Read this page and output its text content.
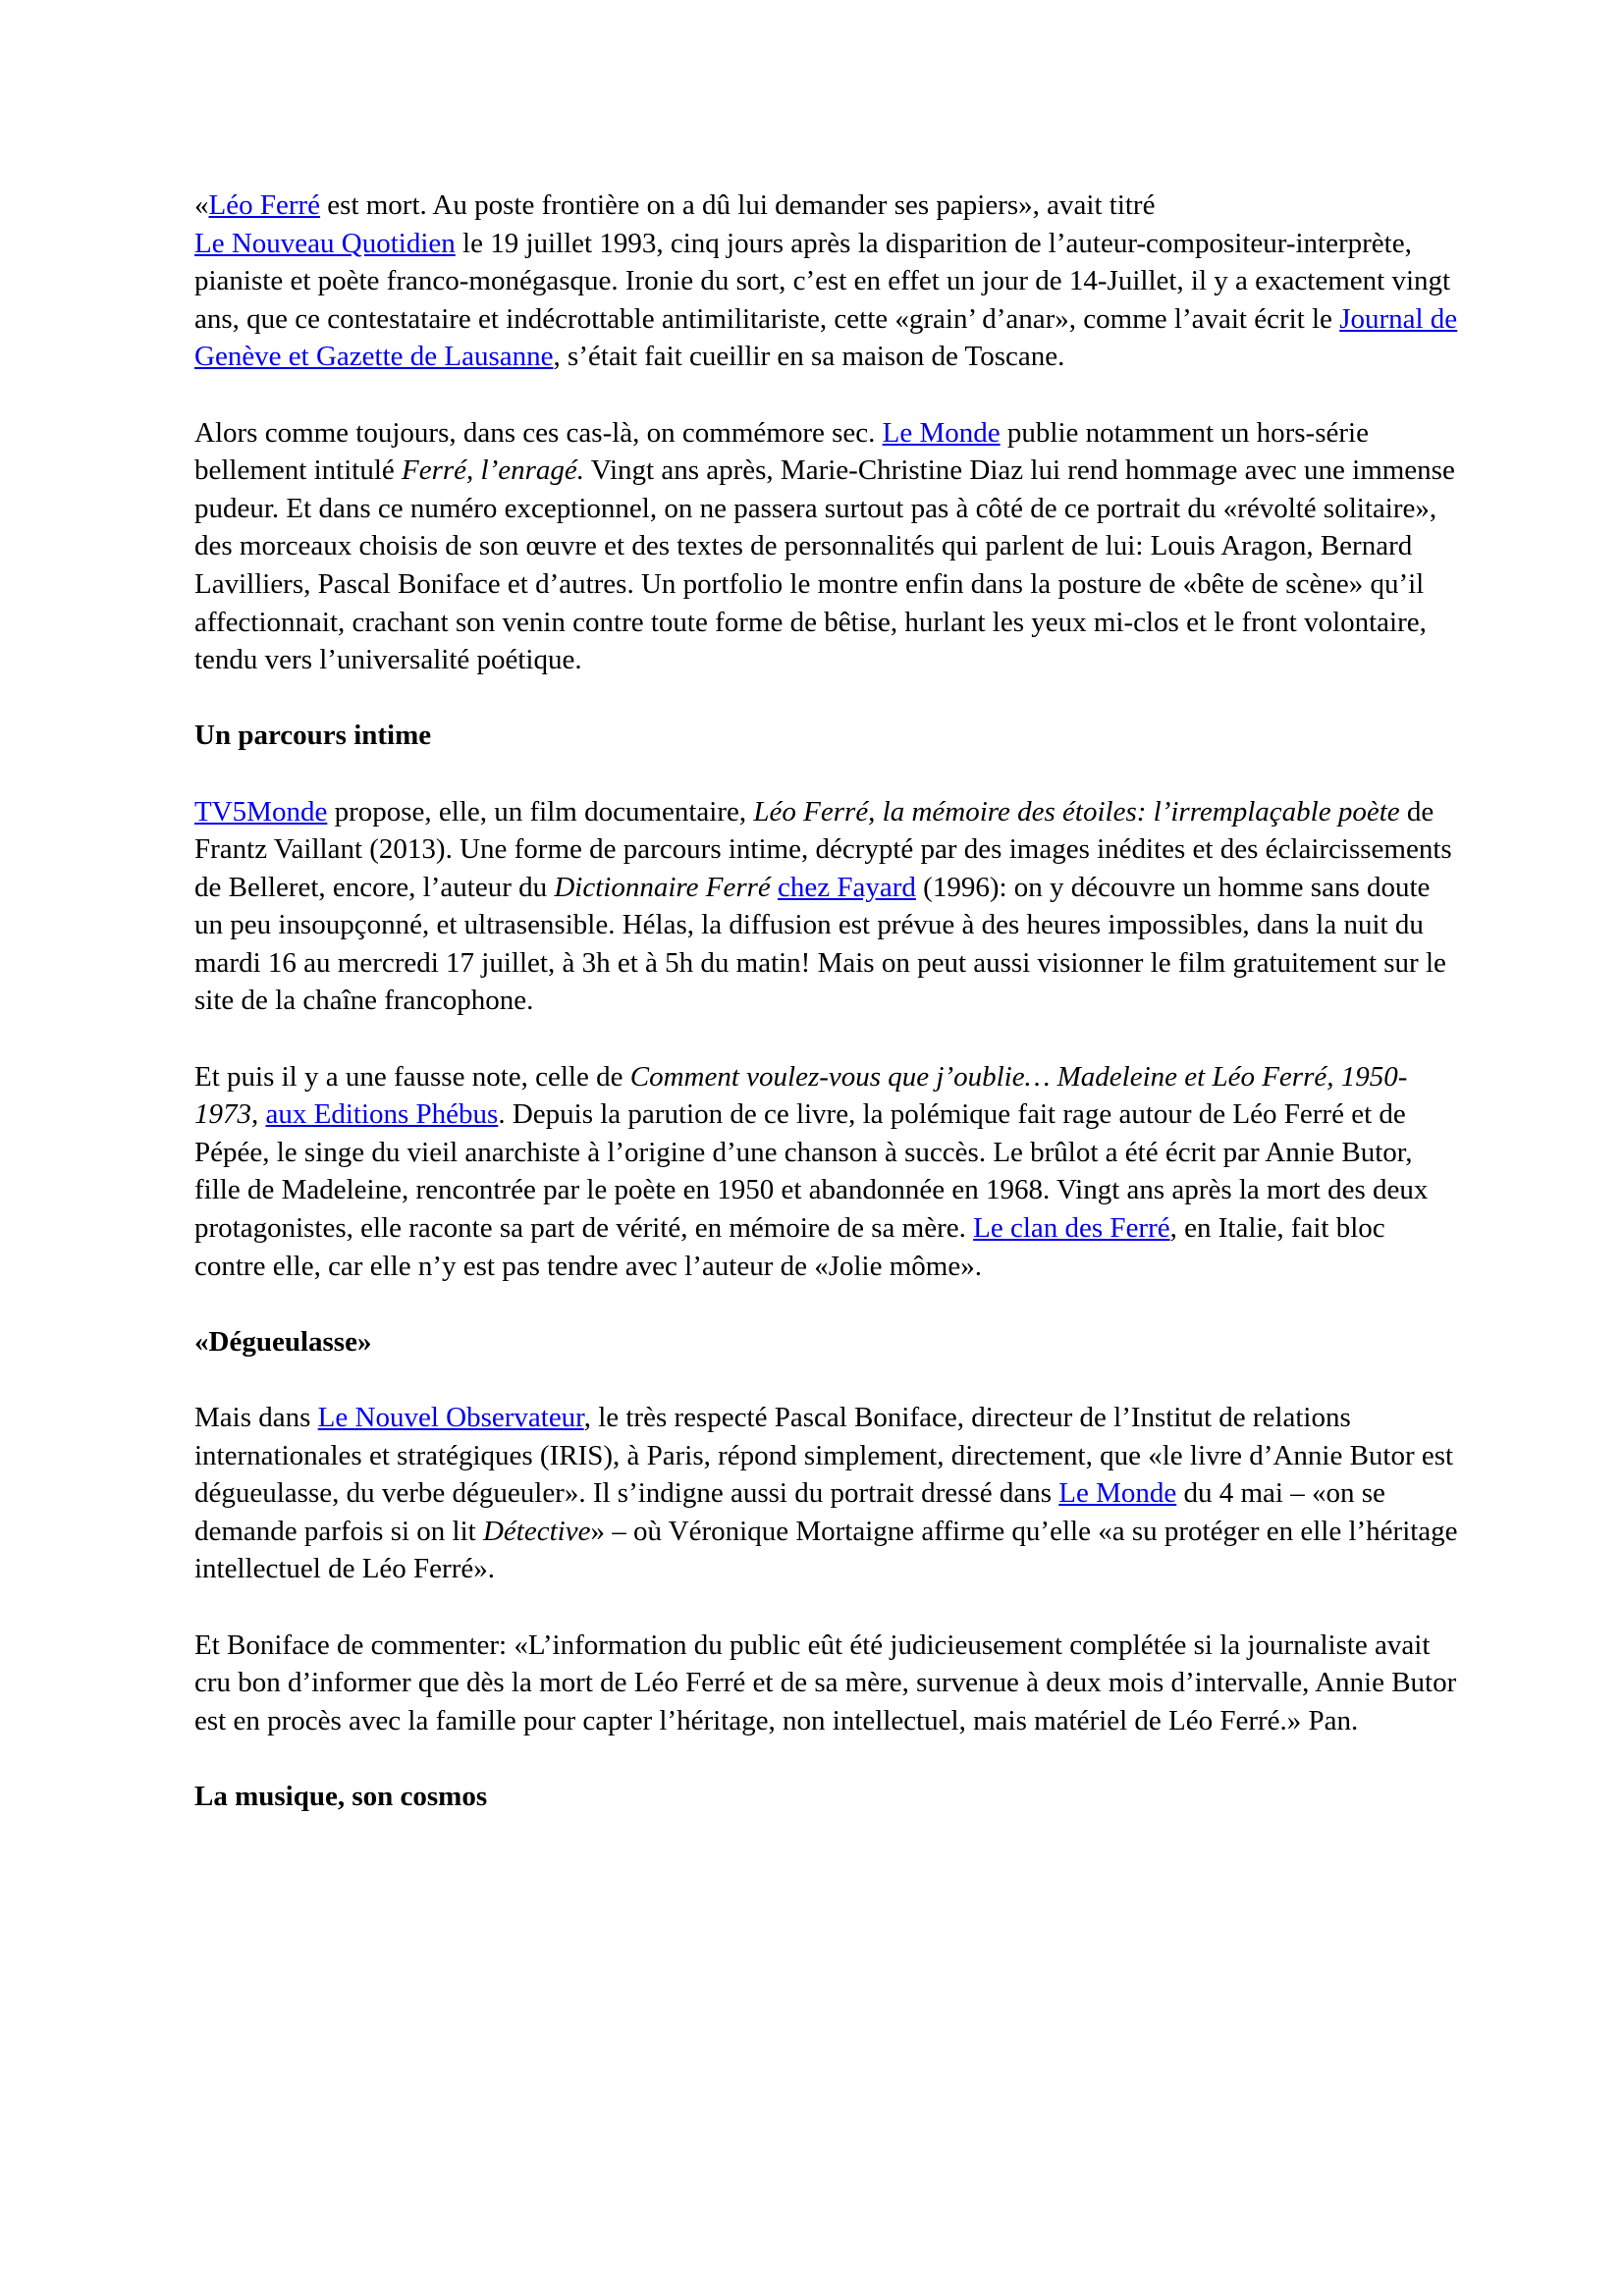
«Léo Ferré est mort. Au poste frontière on a dû lui demander ses papiers», avait titré
Le Nouveau Quotidien le 19 juillet 1993, cinq jours après la disparition de l’auteur-compositeur-interprète, pianiste et poète franco-monégasque. Ironie du sort, c’est en effet un jour de 14-Juillet, il y a exactement vingt ans, que ce contestataire et indécrottable antimilitariste, cette «grain’ d’anar», comme l’avait écrit le Journal de Genève et Gazette de Lausanne, s’était fait cueillir en sa maison de Toscane.

Alors comme toujours, dans ces cas-là, on commémore sec. Le Monde publie notamment un hors-série bellement intitulé Ferré, l’enragé. Vingt ans après, Marie-Christine Diaz lui rend hommage avec une immense pudeur. Et dans ce numéro exceptionnel, on ne passera surtout pas à côté de ce portrait du «révolté solitaire», des morceaux choisis de son œuvre et des textes de personnalités qui parlent de lui: Louis Aragon, Bernard Lavilliers, Pascal Boniface et d’autres. Un portfolio le montre enfin dans la posture de «bête de scène» qu’il affectionnait, crachant son venin contre toute forme de bêtise, hurlant les yeux mi-clos et le front volontaire, tendu vers l’universalité poétique.

Un parcours intime

TV5Monde propose, elle, un film documentaire, Léo Ferré, la mémoire des étoiles: l’irremplaçable poète de Frantz Vaillant (2013). Une forme de parcours intime, décrypté par des images inédites et des éclaircissements de Belleret, encore, l’auteur du Dictionnaire Ferré chez Fayard (1996): on y découvre un homme sans doute un peu insoupçonné, et ultrasensible. Hélas, la diffusion est prévue à des heures impossibles, dans la nuit du mardi 16 au mercredi 17 juillet, à 3h et à 5h du matin! Mais on peut aussi visionner le film gratuitement sur le site de la chaîne francophone.

Et puis il y a une fausse note, celle de Comment voulez-vous que j’oublie… Madeleine et Léo Ferré, 1950-1973, aux Editions Phébus. Depuis la parution de ce livre, la polémique fait rage autour de Léo Ferré et de Pépée, le singe du vieil anarchiste à l’origine d’une chanson à succès. Le brûlot a été écrit par Annie Butor, fille de Madeleine, rencontrée par le poète en 1950 et abandonnée en 1968. Vingt ans après la mort des deux protagonistes, elle raconte sa part de vérité, en mémoire de sa mère. Le clan des Ferré, en Italie, fait bloc contre elle, car elle n’y est pas tendre avec l’auteur de «Jolie môme».

«Dégueulasse»

Mais dans Le Nouvel Observateur, le très respecté Pascal Boniface, directeur de l’Institut de relations internationales et stratégiques (IRIS), à Paris, répond simplement, directement, que «le livre d’Annie Butor est dégueulasse, du verbe dégueuler». Il s’indigne aussi du portrait dressé dans Le Monde du 4 mai – «on se demande parfois si on lit Détective» – où Véronique Mortaigne affirme qu’elle «a su protéger en elle l’héritage intellectuel de Léo Ferré».

Et Boniface de commenter: «L’information du public eût été judicieusement complétée si la journaliste avait cru bon d’informer que dès la mort de Léo Ferré et de sa mère, survenue à deux mois d’intervalle, Annie Butor est en procès avec la famille pour capter l’héritage, non intellectuel, mais matériel de Léo Ferré.» Pan.

La musique, son cosmos
